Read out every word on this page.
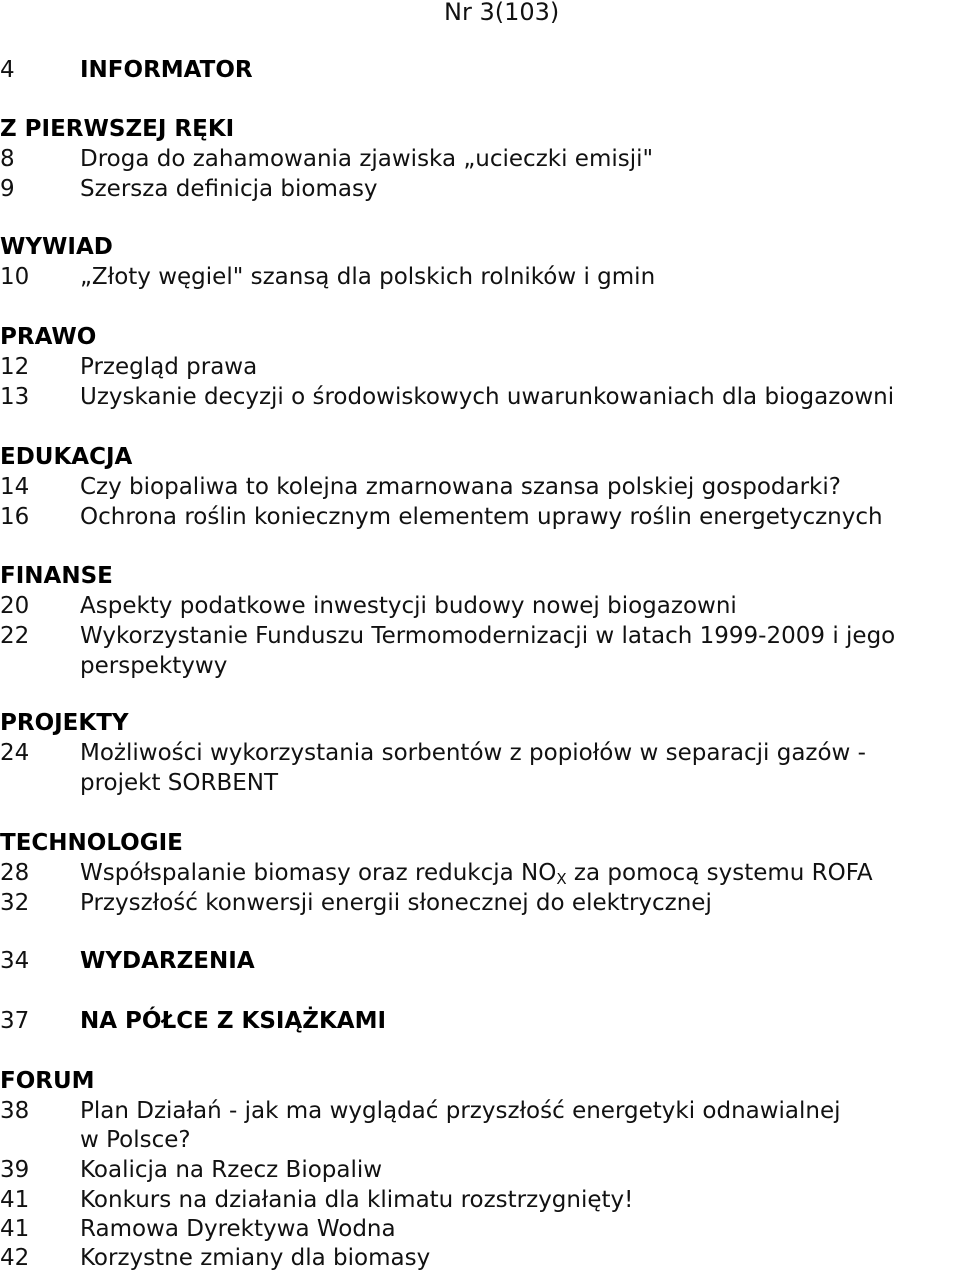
Nr 3(103)
4	INFORMATOR
Z PIERWSZEJ RĘKI
8	Droga do zahamowania zjawiska „ucieczki emisji"
9	Szersza definicja biomasy
WYWIAD
10 „Złoty węgiel" szansą dla polskich rolników i gmin
PRAWO
12 Przegląd prawa
13 Uzyskanie decyzji o środowiskowych uwarunkowaniach dla biogazowni
EDUKACJA
14 Czy biopaliwa to kolejna zmarnowana szansa polskiej gospodarki?
16 Ochrona roślin koniecznym elementem uprawy roślin energetycznych
FINANSE
20 Aspekty podatkowe inwestycji budowy nowej biogazowni
22 Wykorzystanie Funduszu Termomodernizacji w latach 1999-2009 i jego
perspektywy
PROJEKTY
24 Możliwości wykorzystania sorbentów z popiołów w separacji gazów -
projekt SORBENT
TECHNOLOGIE
28 Współspalanie biomasy oraz redukcja $NO_X$ za pomocą systemu ROFA
32 Przyszłość konwersji energii słonecznej do elektrycznej
34 WYDARZENIA
37 NA PÓŁCE Z KSIĄŻKAMI
FORUM
38 Plan Działań - jak ma wyglądać przyszłość energetyki odnawialnej
w Polsce?
39 Koalicja na Rzecz Biopaliw
41 Konkurs na działania dla klimatu rozstrzygnięty!
41 Ramowa Dyrektywa Wodna
42 Korzystne zmiany dla biomasy
